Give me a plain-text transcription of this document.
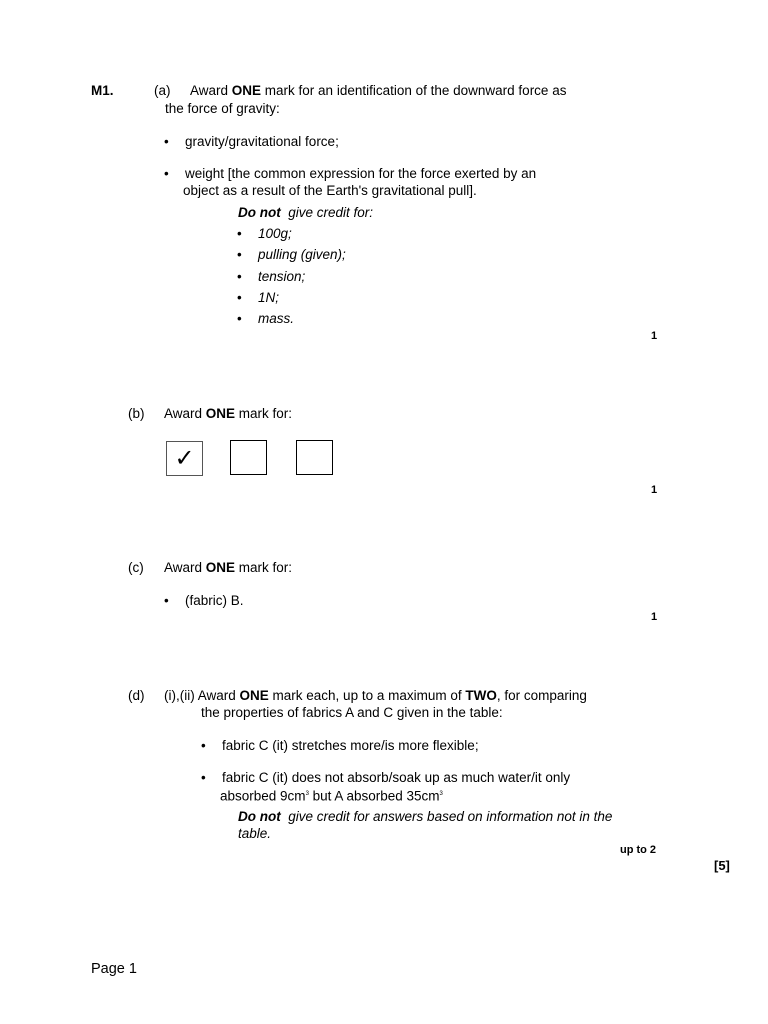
M1.	(a) Award ONE mark for an identification of the downward force as
the force of gravity:
• gravity/gravitational force;
• weight [the common expression for the force exerted by an
object as a result of the Earth's gravitational pull].
Do not  give credit for:
• 100g;
• pulling (given);
• tension;
• 1N;
• mass.
1
(b) Award ONE mark for:
✓
1
(c) Award ONE mark for:
• (fabric) B.
1
(d) (i),(ii) Award ONE mark each, up to a maximum of TWO, for comparing
the properties of fabrics A and C given in the table:
• fabric C (it) stretches more/is more flexible;
• fabric C (it) does not absorb/soak up as much water/it only
absorbed $9cm^3$ but A absorbed $35cm^3$
Do not  give credit for answers based on information not in the
table.
up to 2
[5]
Page 1
